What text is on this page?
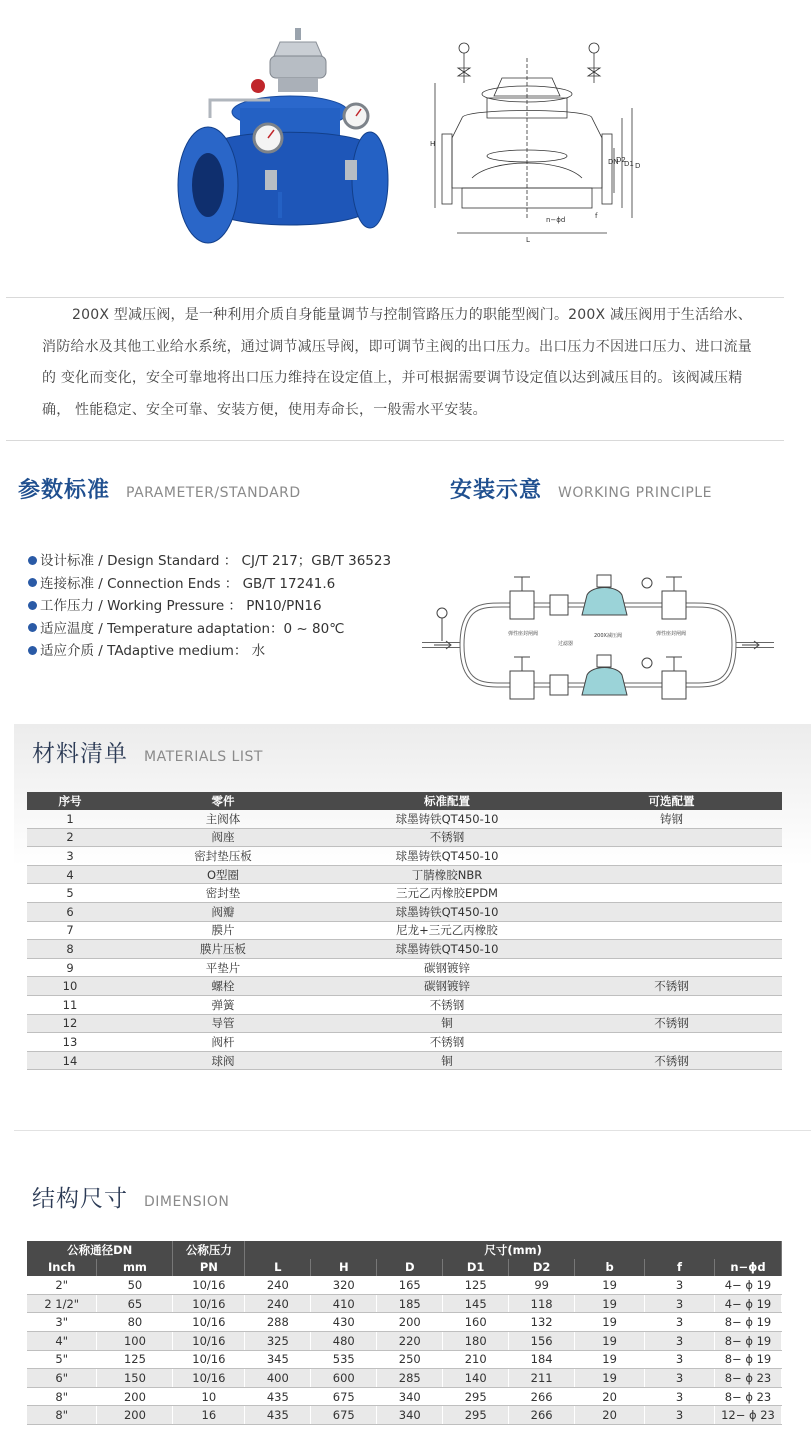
H
L
D
D1
DN
D2
f
n−ϕd
200X 型减压阀，是一种利用介质自身能量调节与控制管路压力的职能型阀门。200X 减压阀用于生活给水、消防给水及其他工业给水系统，通过调节减压导阀，即可调节主阀的出口压力。出口压力不因进口压力、进口流量的 变化而变化，安全可靠地将出口压力维持在设定值上，并可根据需要调节设定值以达到减压目的。该阀减压精确， 性能稳定、安全可靠、安装方便，使用寿命长，一般需水平安装。
参数标准 PARAMETER/STANDARD	安装示意 WORKING PRINCIPLE
设计标准 / Design Standard ： CJ/T 217；GB/T 36523
连接标准 / Connection Ends ： GB/T 17241.6
工作压力 / Working Pressure ： PN10/PN16
适应温度 / Temperature adaptation：0 ~ 80℃
适应介质 / TAdaptive medium： 水
弹性座封闸阀
过滤器
200X减压阀	弹性座封闸阀
材料清单 MATERIALS LIST
序号	零件	标准配置	可选配置
1	主阀体	球墨铸铁QT450-10	铸钢
2	阀座	不锈钢	
3	密封垫压板	球墨铸铁QT450-10	
4	O型圈	丁腈橡胶NBR	
5	密封垫	三元乙丙橡胶EPDM	
6	阀瓣	球墨铸铁QT450-10	
7	膜片	尼龙+三元乙丙橡胶	
8	膜片压板	球墨铸铁QT450-10	
9	平垫片	碳钢镀锌	
10	螺栓	碳钢镀锌	不锈钢
11	弹簧	不锈钢	
12	导管	铜	不锈钢
13	阀杆	不锈钢	
14	球阀	铜	不锈钢
结构尺寸 DIMENSION
公称通径DN		公称压力	尺寸(mm)							
Inch	mm	PN	L	H	D	D1	D2	b	f	n−ϕd
2"	50	10/16	240	320	165	125	99	19	3	4− ϕ 19
2 1/2"	65	10/16	240	410	185	145	118	19	3	4− ϕ 19
3"	80	10/16	288	430	200	160	132	19	3	8− ϕ 19
4"	100	10/16	325	480	220	180	156	19	3	8− ϕ 19
5"	125	10/16	345	535	250	210	184	19	3	8− ϕ 19
6"	150	10/16	400	600	285	140	211	19	3	8− ϕ 23
8"	200	10	435	675	340	295	266	20	3	8− ϕ 23
8"	200	16	435	675	340	295	266	20	3	12− ϕ 23
